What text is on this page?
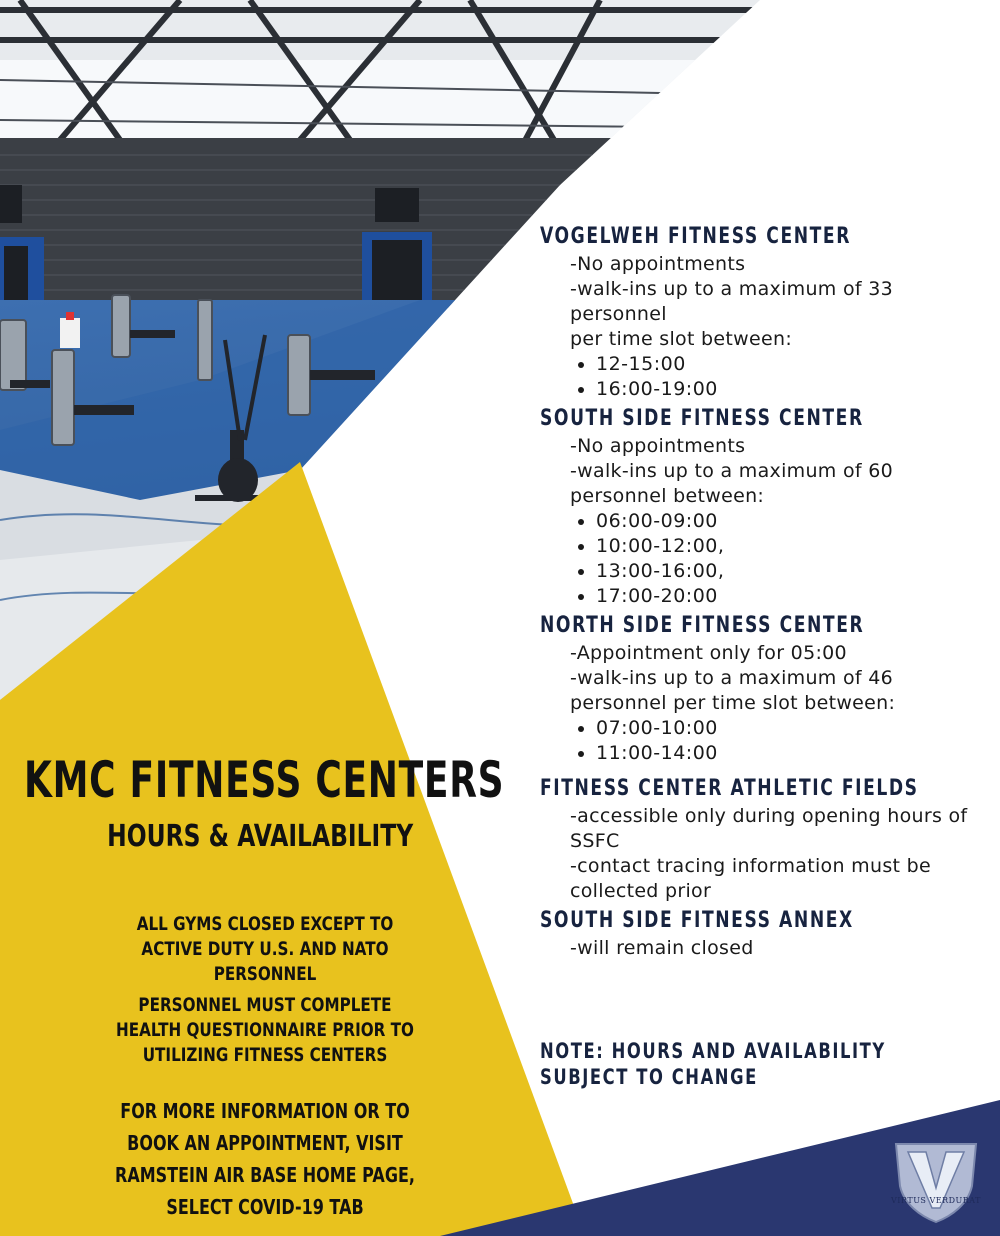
KMC FITNESS CENTERS
HOURS & AVAILABILITY
ALL GYMS CLOSED EXCEPT TO ACTIVE DUTY U.S. AND NATO PERSONNEL
PERSONNEL MUST COMPLETE HEALTH QUESTIONNAIRE PRIOR TO UTILIZING FITNESS CENTERS
FOR MORE INFORMATION OR TO BOOK AN APPOINTMENT, VISIT RAMSTEIN AIR BASE HOME PAGE, SELECT COVID-19 TAB
VOGELWEH FITNESS CENTER
-No appointments
-walk-ins up to a maximum of 33 personnel
per time slot between:
• 12-15:00
• 16:00-19:00
SOUTH SIDE FITNESS CENTER
-No appointments
-walk-ins up to a maximum of 60 personnel between:
• 06:00-09:00
• 10:00-12:00,
• 13:00-16:00,
• 17:00-20:00
NORTH SIDE FITNESS CENTER
-Appointment only for 05:00
-walk-ins up to a maximum of 46 personnel per time slot between:
• 07:00-10:00
• 11:00-14:00
FITNESS CENTER ATHLETIC FIELDS
-accessible only during opening hours of SSFC
-contact tracing information must be collected prior
SOUTH SIDE FITNESS ANNEX
-will remain closed
NOTE: HOURS AND AVAILABILITY SUBJECT TO CHANGE
VIRTUS VERDURAT
